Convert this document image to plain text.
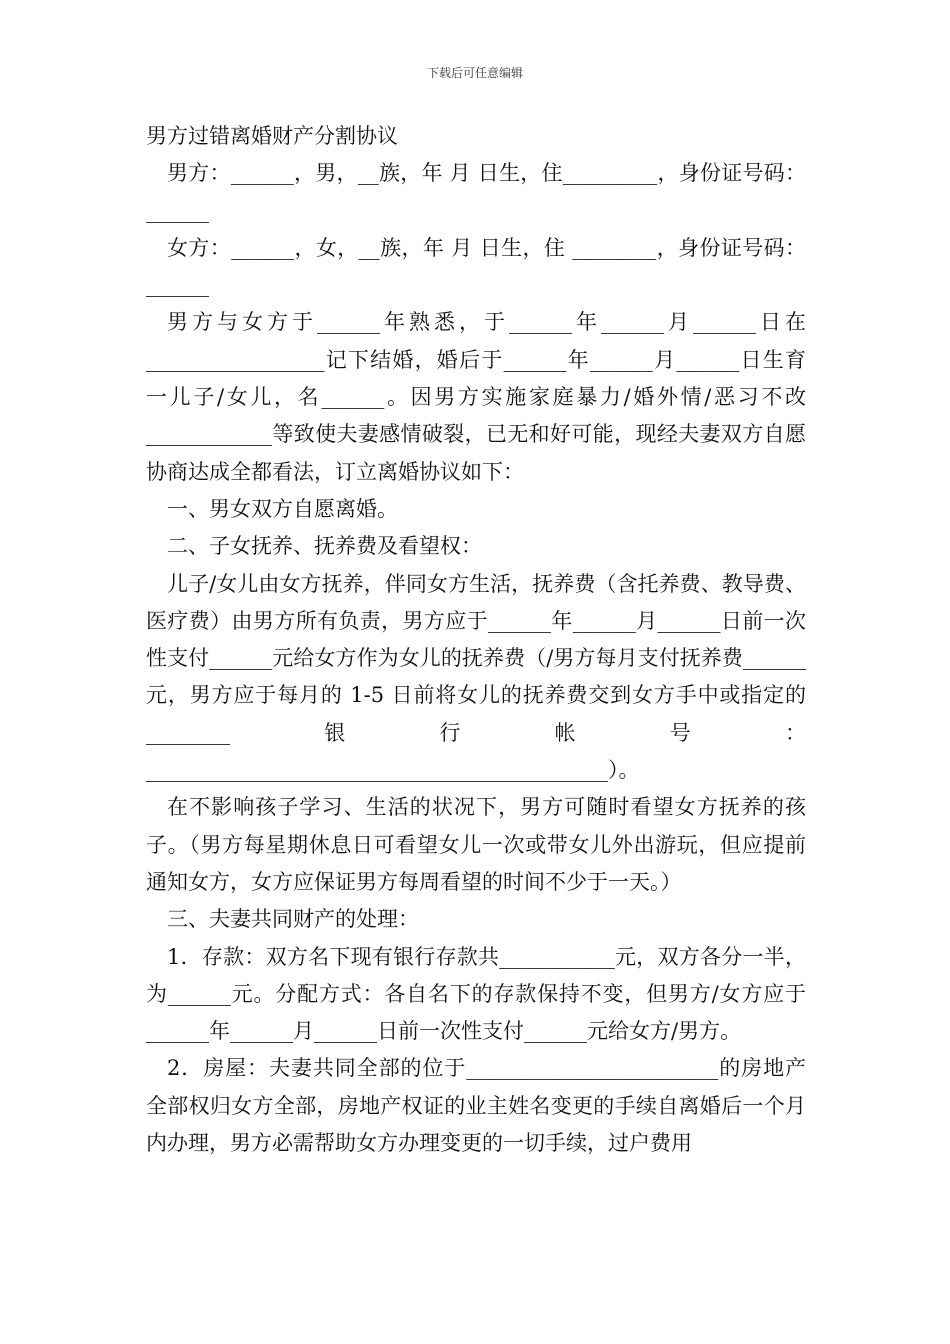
下载后可任意编辑

男方过错离婚财产分割协议

男方：______，男，__族，年 月 日生，住_________，身份证号码：______

女方：______，女，__族，年 月 日生，住 ________，身份证号码：______

男方与女方于______年熟悉，于______年______月______日在_________________记下结婚，婚后于______年______月______日生育一儿子/女儿，名______。因男方实施家庭暴力/婚外情/恶习不改____________等致使夫妻感情破裂，已无和好可能，现经夫妻双方自愿协商达成全都看法，订立离婚协议如下：

一、男女双方自愿离婚。

二、子女抚养、抚养费及看望权：

儿子/女儿由女方抚养，伴同女方生活，抚养费（含托养费、教导费、医疗费）由男方所有负责，男方应于______年______月______日前一次性支付______元给女方作为女儿的抚养费（/男方每月支付抚养费______元，男方应于每月的 1-5 日前将女儿的抚养费交到女方手中或指定的________银行帐号：____________________________________________）。

在不影响孩子学习、生活的状况下，男方可随时看望女方抚养的孩子。（男方每星期休息日可看望女儿一次或带女儿外出游玩，但应提前通知女方，女方应保证男方每周看望的时间不少于一天。）

三、夫妻共同财产的处理：

1．存款：双方名下现有银行存款共___________元，双方各分一半，为______元。分配方式：各自名下的存款保持不变，但男方/女方应于______年______月______日前一次性支付______元给女方/男方。

2．房屋：夫妻共同全部的位于________________________的房地产全部权归女方全部，房地产权证的业主姓名变更的手续自离婚后一个月内办理，男方必需帮助女方办理变更的一切手续，过户费用
